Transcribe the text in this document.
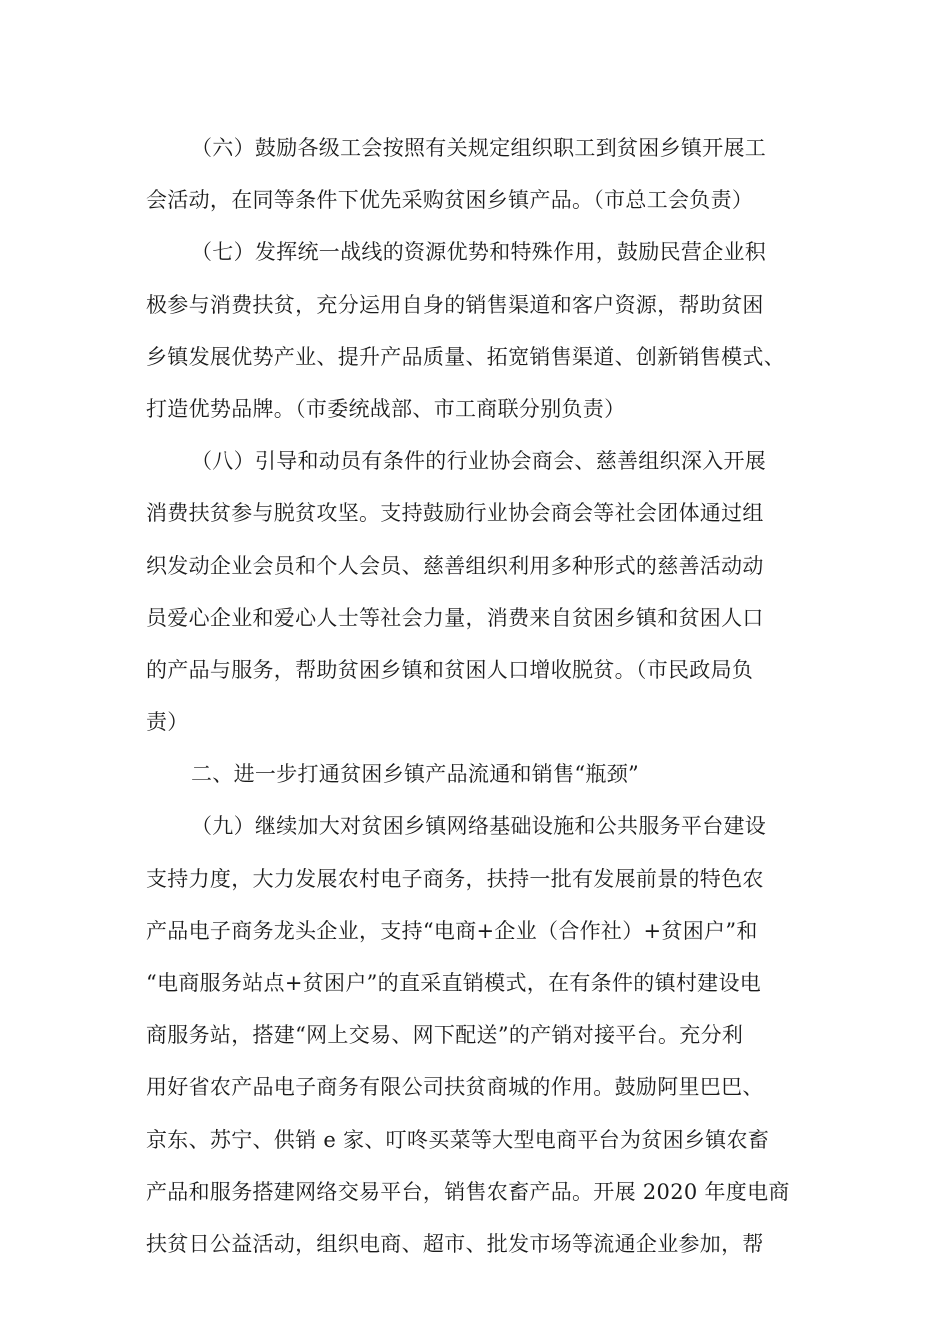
（六）鼓励各级工会按照有关规定组织职工到贫困乡镇开展工
会活动，在同等条件下优先采购贫困乡镇产品。（市总工会负责）
（七）发挥统一战线的资源优势和特殊作用，鼓励民营企业积
极参与消费扶贫，充分运用自身的销售渠道和客户资源，帮助贫困
乡镇发展优势产业、提升产品质量、拓宽销售渠道、创新销售模式、
打造优势品牌。（市委统战部、市工商联分别负责）
（八）引导和动员有条件的行业协会商会、慈善组织深入开展
消费扶贫参与脱贫攻坚。支持鼓励行业协会商会等社会团体通过组
织发动企业会员和个人会员、慈善组织利用多种形式的慈善活动动
员爱心企业和爱心人士等社会力量，消费来自贫困乡镇和贫困人口
的产品与服务，帮助贫困乡镇和贫困人口增收脱贫。（市民政局负
责）
二、进一步打通贫困乡镇产品流通和销售“瓶颈”
（九）继续加大对贫困乡镇网络基础设施和公共服务平台建设
支持力度，大力发展农村电子商务，扶持一批有发展前景的特色农
产品电子商务龙头企业，支持“电商+企业（合作社）+贫困户”和
“电商服务站点+贫困户”的直采直销模式，在有条件的镇村建设电
商服务站，搭建“网上交易、网下配送”的产销对接平台。充分利
用好省农产品电子商务有限公司扶贫商城的作用。鼓励阿里巴巴、
京东、苏宁、供销 e 家、叮咚买菜等大型电商平台为贫困乡镇农畜
产品和服务搭建网络交易平台，销售农畜产品。开展 2020 年度电商
扶贫日公益活动，组织电商、超市、批发市场等流通企业参加，帮
